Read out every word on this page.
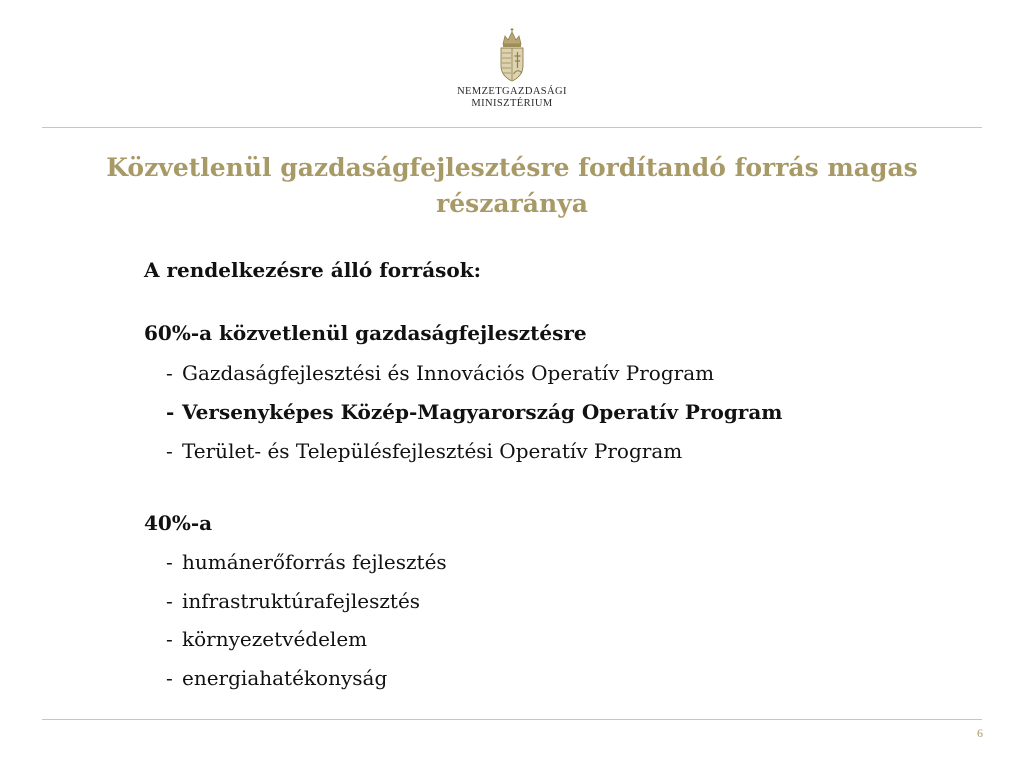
NEMZETGAZDASÁGI
MINISZTÉRIUM
Közvetlenül gazdaságfejlesztésre fordítandó forrás magas részaránya
A rendelkezésre álló források:
60%-a közvetlenül gazdaságfejlesztésre
- Gazdaságfejlesztési és Innovációs Operatív Program
- Versenyképes Közép-Magyarország Operatív Program
- Terület- és Településfejlesztési Operatív Program
40%-a
- humánerőforrás fejlesztés
- infrastruktúrafejlesztés
- környezetvédelem
- energiahatékonyság
6
